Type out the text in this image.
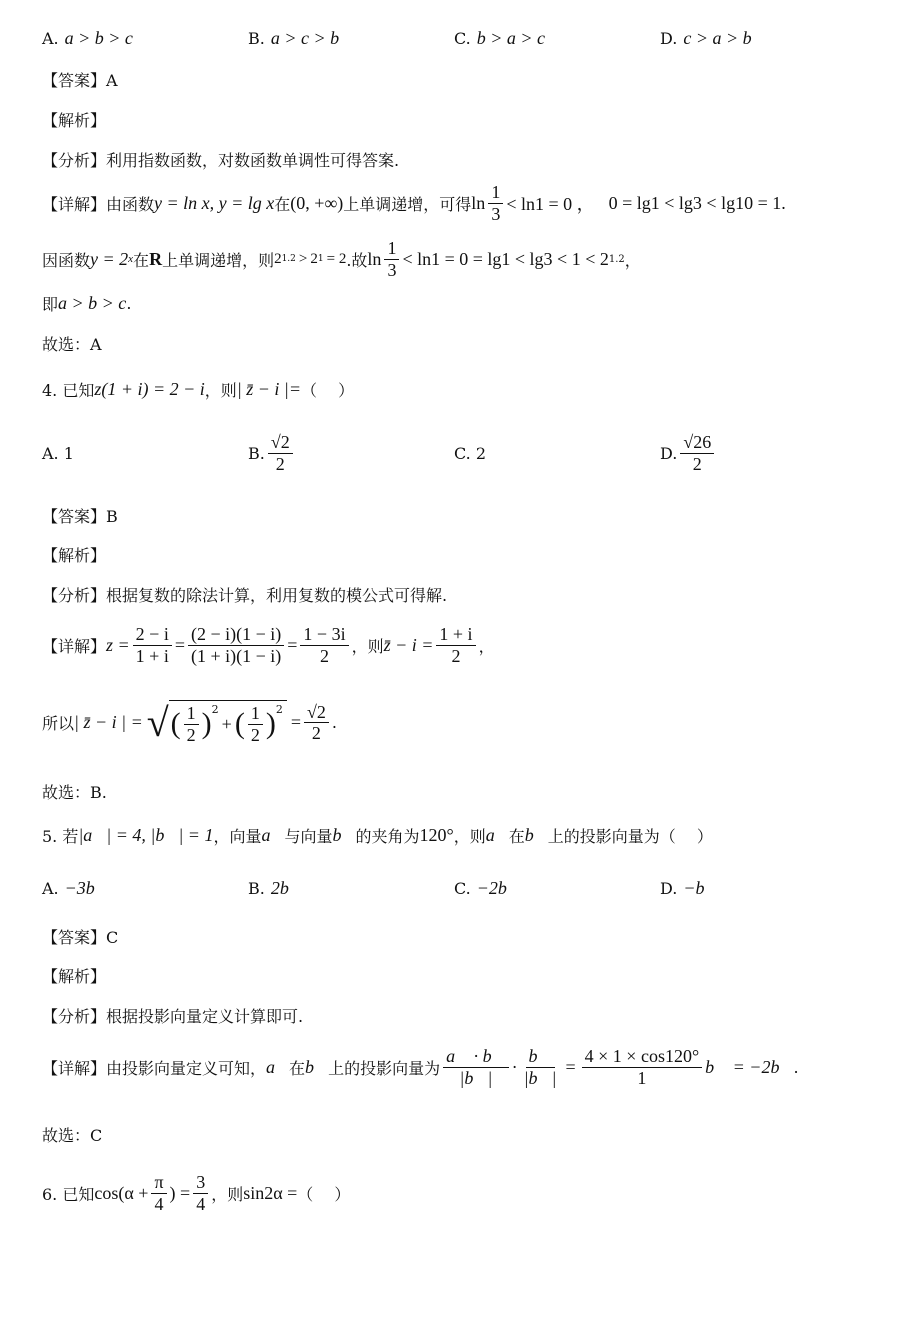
A. a > b > c	B. a > c > b	C. b > a > c	D. c > a > b
【答案】A
【解析】
【分析】利用指数函数，对数函数单调性可得答案.
【详解】由函数 y = ln x, y = lg x 在 (0, +∞) 上单调递增，可得 $\ln \frac{1}{3} < \ln 1 = 0$ ， 0 = lg1 < lg3 < lg10 = 1.
因函数 y = 2 x 在 R 上单调递增，则 2 1.2 > 2 1 = 2 .故 $\ln \frac{1}{3} < \ln 1 = 0 = \lg 1 < \lg 3 < 1 < 2$ 1.2 ，
即 a > b > c .
故选：A
4. 已知 z(1 + i) = 2 − i ，则 | z̄ − i |= （　 ）
A. 1	B. $\frac{√2}{2}$	C. 2	D. $\frac{√26}{2}$
【答案】B
【解析】
【分析】根据复数的除法计算，利用复数的模公式可得解.
【详解】 $z = \frac{2 - i}{1 + i} = \frac{(2 - i)(1 - i)}{(1 + i)(1 - i)} = \frac{1 - 3i}{2}$ ，则 z̄ − $i = \frac{1 + i}{2}$ ，
所以 | z̄ − i | = √ ( $\frac{1}{2} )^2$
+ ( $\frac{1}{2} )^2$
= $\frac{√2}{2}$ .
故选：B.
5. 若 |a⃗| = 4, |b⃗| = 1 ，向量 a⃗ 与向量 b⃗ 的夹角为 120° ，则 a⃗ 在 b⃗ 上的投影向量为（　 ）
A. −3b⃗	B. 2b⃗	C. −2b⃗	D. −b⃗
【答案】C
【解析】
【分析】根据投影向量定义计算即可.
【详解】由投影向量定义可知， a⃗ 在 b⃗ 上的投影向量为 $\frac{a⃗ \cdot b⃗}{|b⃗|} \cdot \frac{b⃗}{|b⃗|} = \frac{4 \times 1 \times \cos 120^\circ}{1}$ b⃗ = −2b⃗ .
故选：C
6. 已知 $\cos(\alpha + \frac{\pi}{4}$ ) = $\frac{3}{4}$ ，则 sin2α = （　 ）
